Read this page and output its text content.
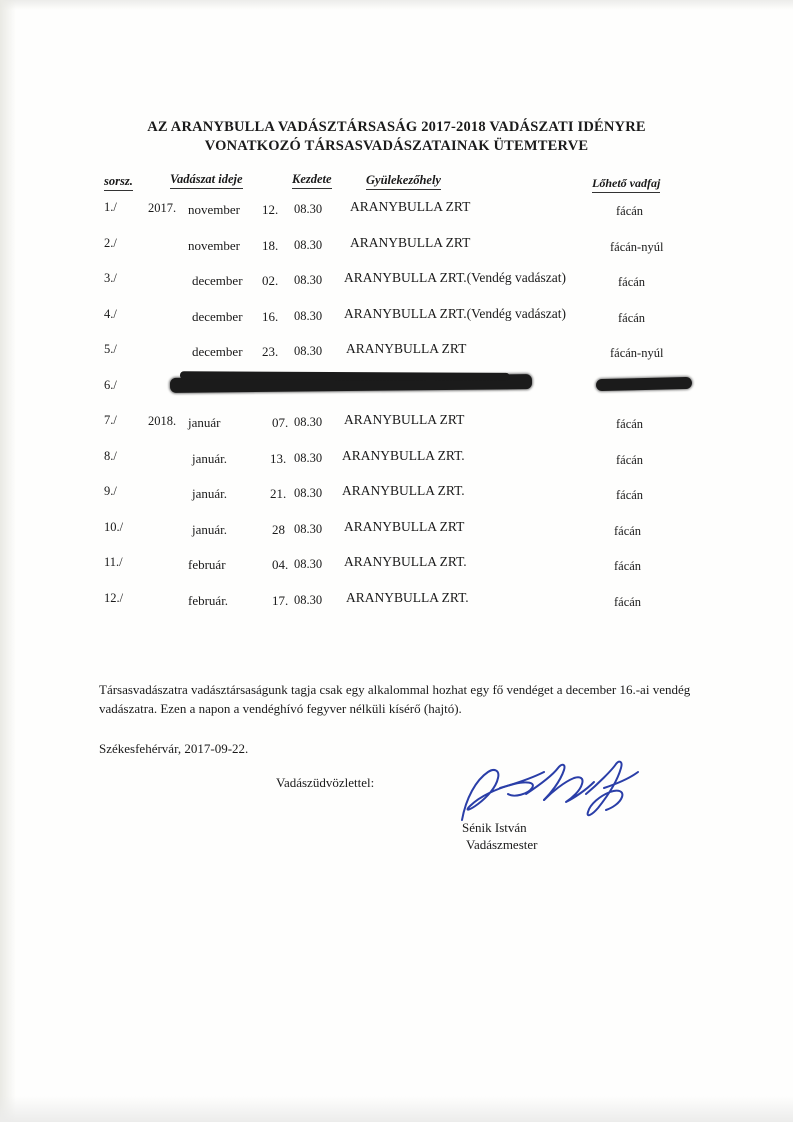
AZ ARANYBULLA VADÁSZTÁRSASÁG 2017-2018 VADÁSZATI IDÉNYRE

VONATKOZÓ TÁRSASVADÁSZATAINAK ÜTEMTERVE
sorsz.	Vadászat ideje	Kezdete	Gyülekezőhely	Lőhető vadfaj
1./ 2017. november 12. 08.30 ARANYBULLA ZRT	fácán
2./	november 18. 08.30 ARANYBULLA ZRT	fácán-nyúl
3./	december 02. 08.30 ARANYBULLA ZRT.(Vendég vadászat)	fácán
4./	december 16. 08.30 ARANYBULLA ZRT.(Vendég vadászat)	fácán
5./	december 23. 08.30 ARANYBULLA ZRT	fácán-nyúl
6./
7./ 2018. január	07. 08.30 ARANYBULLA ZRT	fácán
8./	január.	13. 08.30 ARANYBULLA ZRT.	fácán
9./	január.	21. 08.30 ARANYBULLA ZRT.	fácán
10./	január.	28 08.30 ARANYBULLA ZRT	fácán
11./	február	04. 08.30 ARANYBULLA ZRT.	fácán
12./	február.	17. 08.30 ARANYBULLA ZRT.	fácán
Társasvadászatra vadásztársaságunk tagja csak egy alkalommal hozhat egy fő vendéget a december 16.-ai vendég vadászatra. Ezen a napon a vendéghívó fegyver nélküli kísérő (hajtó).
Székesfehérvár, 2017-09-22.
Vadászüdvözlettel:
Sénik István
Vadászmester
